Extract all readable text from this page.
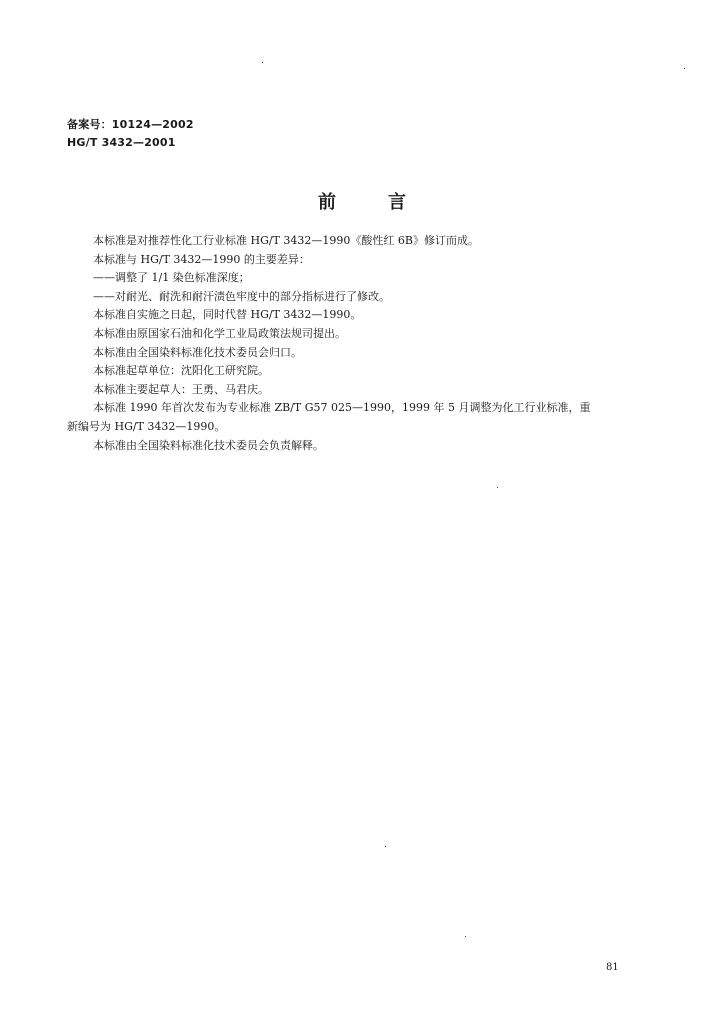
备案号：10124—2002
HG/T 3432—2001
前言
本标准是对推荐性化工行业标准 HG/T 3432—1990《酸性红 6B》修订而成。
本标准与 HG/T 3432—1990 的主要差异：
——调整了 1/1 染色标准深度；
——对耐光、耐洗和耐汗渍色牢度中的部分指标进行了修改。
本标准自实施之日起，同时代替 HG/T 3432—1990。
本标准由原国家石油和化学工业局政策法规司提出。
本标准由全国染料标准化技术委员会归口。
本标准起草单位：沈阳化工研究院。
本标准主要起草人：王勇、马君庆。
本标准 1990 年首次发布为专业标准 ZB/T G57 025—1990，1999 年 5 月调整为化工行业标准，重
新编号为 HG/T 3432—1990。
本标准由全国染料标准化技术委员会负责解释。
81
